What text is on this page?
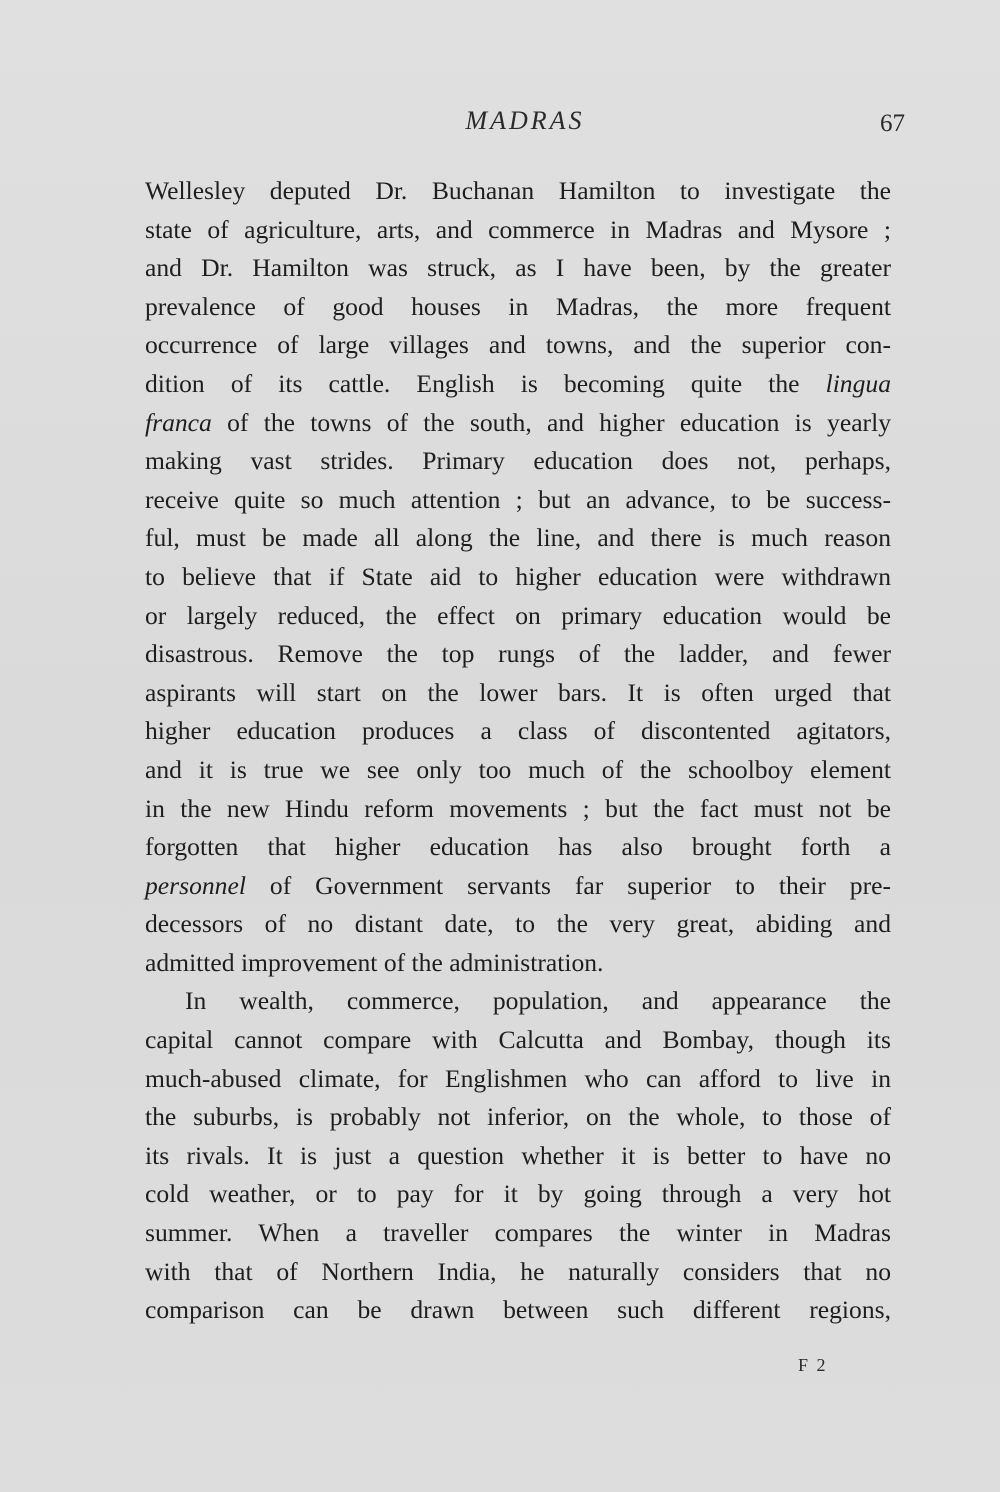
MADRAS	67
Wellesley deputed Dr. Buchanan Hamilton to investigate the
state of agriculture, arts, and commerce in Madras and Mysore ;
and Dr. Hamilton was struck, as I have been, by the greater
prevalence of good houses in Madras, the more frequent
occurrence of large villages and towns, and the superior con-
dition of its cattle. English is becoming quite the lingua
franca of the towns of the south, and higher education is yearly
making vast strides. Primary education does not, perhaps,
receive quite so much attention ; but an advance, to be success-
ful, must be made all along the line, and there is much reason
to believe that if State aid to higher education were withdrawn
or largely reduced, the effect on primary education would be
disastrous. Remove the top rungs of the ladder, and fewer
aspirants will start on the lower bars. It is often urged that
higher education produces a class of discontented agitators,
and it is true we see only too much of the schoolboy element
in the new Hindu reform movements ; but the fact must not be
forgotten that higher education has also brought forth a
personnel of Government servants far superior to their pre-
decessors of no distant date, to the very great, abiding and
admitted improvement of the administration.
In wealth, commerce, population, and appearance the
capital cannot compare with Calcutta and Bombay, though its
much-abused climate, for Englishmen who can afford to live in
the suburbs, is probably not inferior, on the whole, to those of
its rivals. It is just a question whether it is better to have no
cold weather, or to pay for it by going through a very hot
summer. When a traveller compares the winter in Madras
with that of Northern India, he naturally considers that no
comparison can be drawn between such different regions,
F 2
